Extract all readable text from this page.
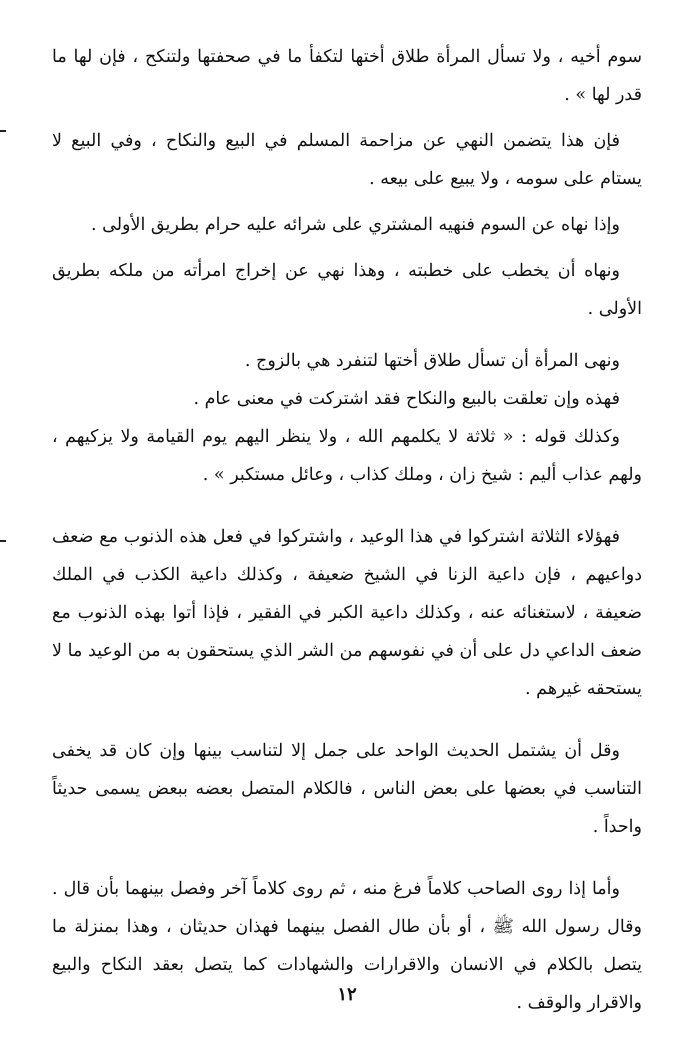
سوم أخيه ، ولا تسأل المرأة طلاق أختها لتكفأ ما في صحفتها ولتنكح ، فإن لها ما قدر لها » .

فإن هذا يتضمن النهي عن مزاحمة المسلم في البيع والنكاح ، وفي البيع لا يستام على سومه ، ولا يبيع على بيعه .

وإذا نهاه عن السوم فنهيه المشتري على شرائه عليه حرام بطريق الأولى .

ونهاه أن يخطب على خطبته ، وهذا نهي عن إخراج امرأته من ملكه بطريق الأولى .

ونهى المرأة أن تسأل طلاق أختها لتنفرد هي بالزوج .

فهذه وإن تعلقت بالبيع والنكاح فقد اشتركت في معنى عام .

وكذلك قوله : « ثلاثة لا يكلمهم الله ، ولا ينظر اليهم يوم القيامة ولا يزكيهم ، ولهم عذاب أليم : شيخ زان ، وملك كذاب ، وعائل مستكبر » .

فهؤلاء الثلاثة اشتركوا في هذا الوعيد ، واشتركوا في فعل هذه الذنوب مع ضعف دواعيهم ، فإن داعية الزنا في الشيخ ضعيفة ، وكذلك داعية الكذب في الملك ضعيفة ، لاستغنائه عنه ، وكذلك داعية الكبر في الفقير ، فإذا أتوا بهذه الذنوب مع ضعف الداعي دل على أن في نفوسهم من الشر الذي يستحقون به من الوعيد ما لا يستحقه غيرهم .

وقل أن يشتمل الحديث الواحد على جمل إلا لتناسب بينها وإن كان قد يخفى التناسب في بعضها على بعض الناس ، فالكلام المتصل بعضه ببعض يسمى حديثاً واحداً .

وأما إذا روى الصاحب كلاماً فرغ منه ، ثم روى كلاماً آخر وفصل بينهما بأن قال . وقال رسول الله ﷺ ، أو بأن طال الفصل بينهما فهذان حديثان ، وهذا بمنزلة ما يتصل بالكلام في الانسان والاقرارات والشهادات كما يتصل بعقد النكاح والبيع والاقرار والوقف .

١٢
